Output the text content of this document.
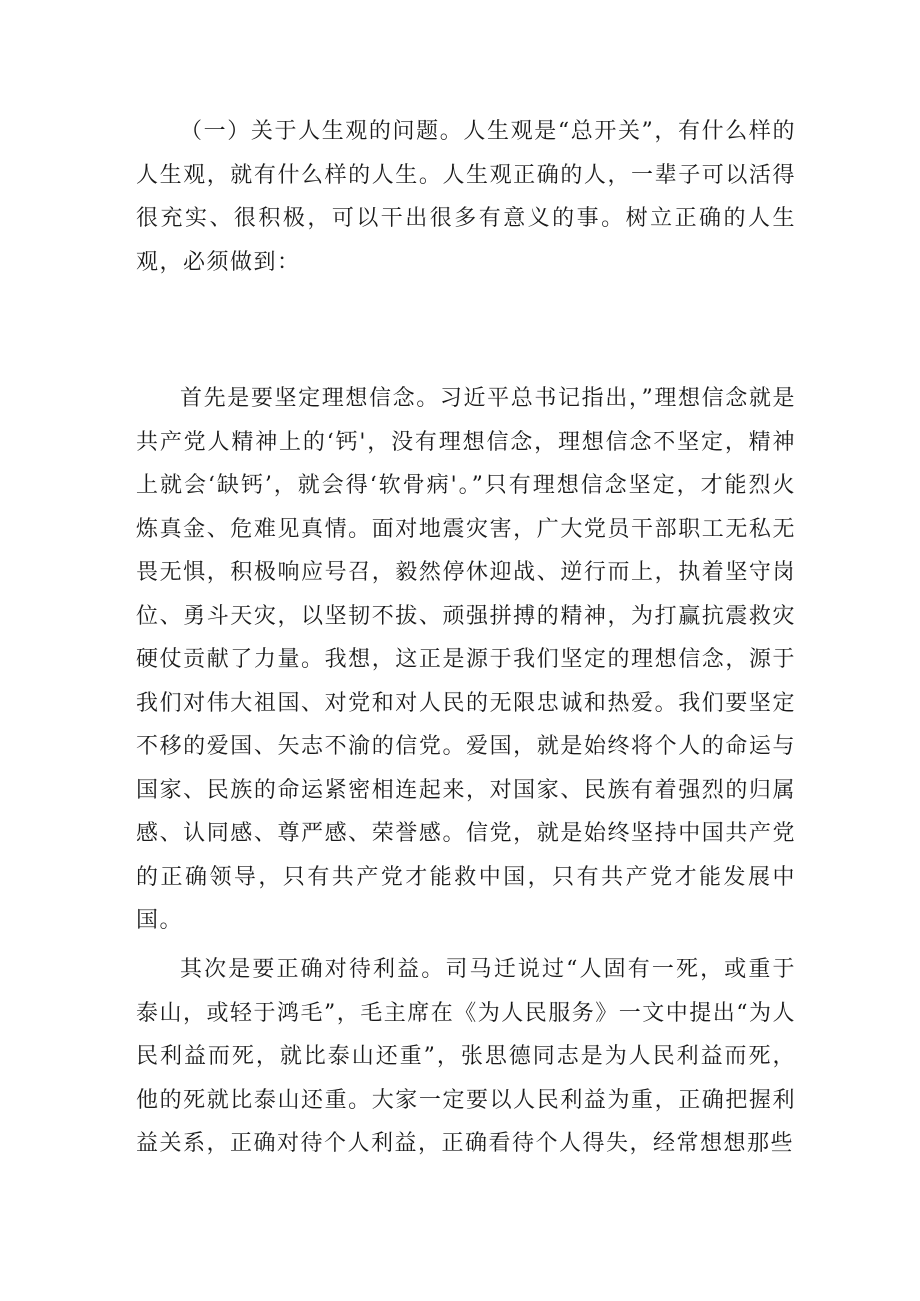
（一）关于人生观的问题。人生观是“总开关”，有什么样的人生观，就有什么样的人生。人生观正确的人，一辈子可以活得很充实、很积极，可以干出很多有意义的事。树立正确的人生观，必须做到：

首先是要坚定理想信念。习近平总书记指出，”理想信念就是共产党人精神上的‘钙'，没有理想信念，理想信念不坚定，精神上就会‘缺钙’，就会得‘软骨病'。”只有理想信念坚定，才能烈火炼真金、危难见真情。面对地震灾害，广大党员干部职工无私无畏无惧，积极响应号召，毅然停休迎战、逆行而上，执着坚守岗位、勇斗天灾，以坚韧不拔、顽强拼搏的精神，为打赢抗震救灾硬仗贡献了力量。我想，这正是源于我们坚定的理想信念，源于我们对伟大祖国、对党和对人民的无限忠诚和热爱。我们要坚定不移的爱国、矢志不渝的信党。爱国，就是始终将个人的命运与国家、民族的命运紧密相连起来，对国家、民族有着强烈的归属感、认同感、尊严感、荣誉感。信党，就是始终坚持中国共产党的正确领导，只有共产党才能救中国，只有共产党才能发展中国。

其次是要正确对待利益。司马迁说过“人固有一死，或重于泰山，或轻于鸿毛”，毛主席在《为人民服务》一文中提出“为人民利益而死，就比泰山还重”，张思德同志是为人民利益而死，他的死就比泰山还重。大家一定要以人民利益为重，正确把握利益关系，正确对待个人利益，正确看待个人得失，经常想想那些
